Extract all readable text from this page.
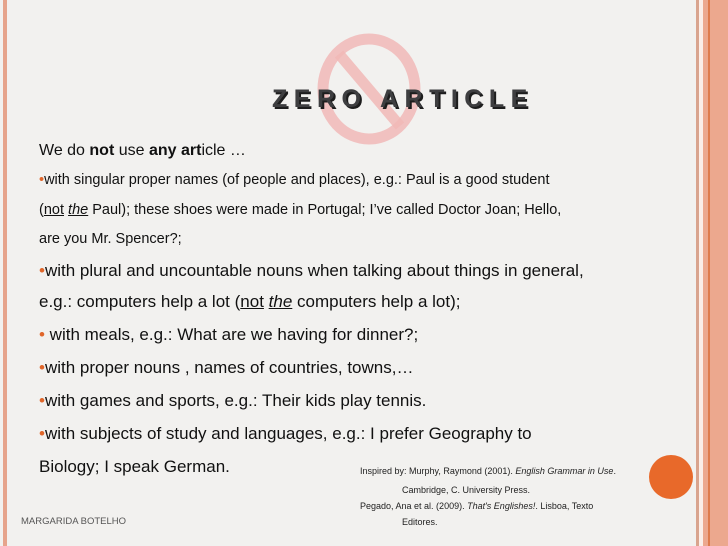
ZERO ARTICLE
We do not use any article …
•with singular proper names (of people and places), e.g.: Paul is a good student
(not the Paul); these shoes were made in Portugal; I’ve called Doctor Joan; Hello,
are you Mr. Spencer?;
•with plural and uncountable nouns when talking about things in general,
e.g.: computers help a lot (not the computers help a lot);
• with meals, e.g.: What are we having for dinner?;
•with proper nouns , names of countries, towns,…
•with games and sports, e.g.: Their kids play tennis.
•with subjects of study and languages, e.g.: I prefer Geography to
Biology; I speak German.	Inspired by: Murphy, Raymond (2001). English Grammar in Use.
Cambridge, C. University Press.
Pegado, Ana et al. (2009). That's Englishes!. Lisboa, Texto
Editores.
MARGARIDA BOTELHO
